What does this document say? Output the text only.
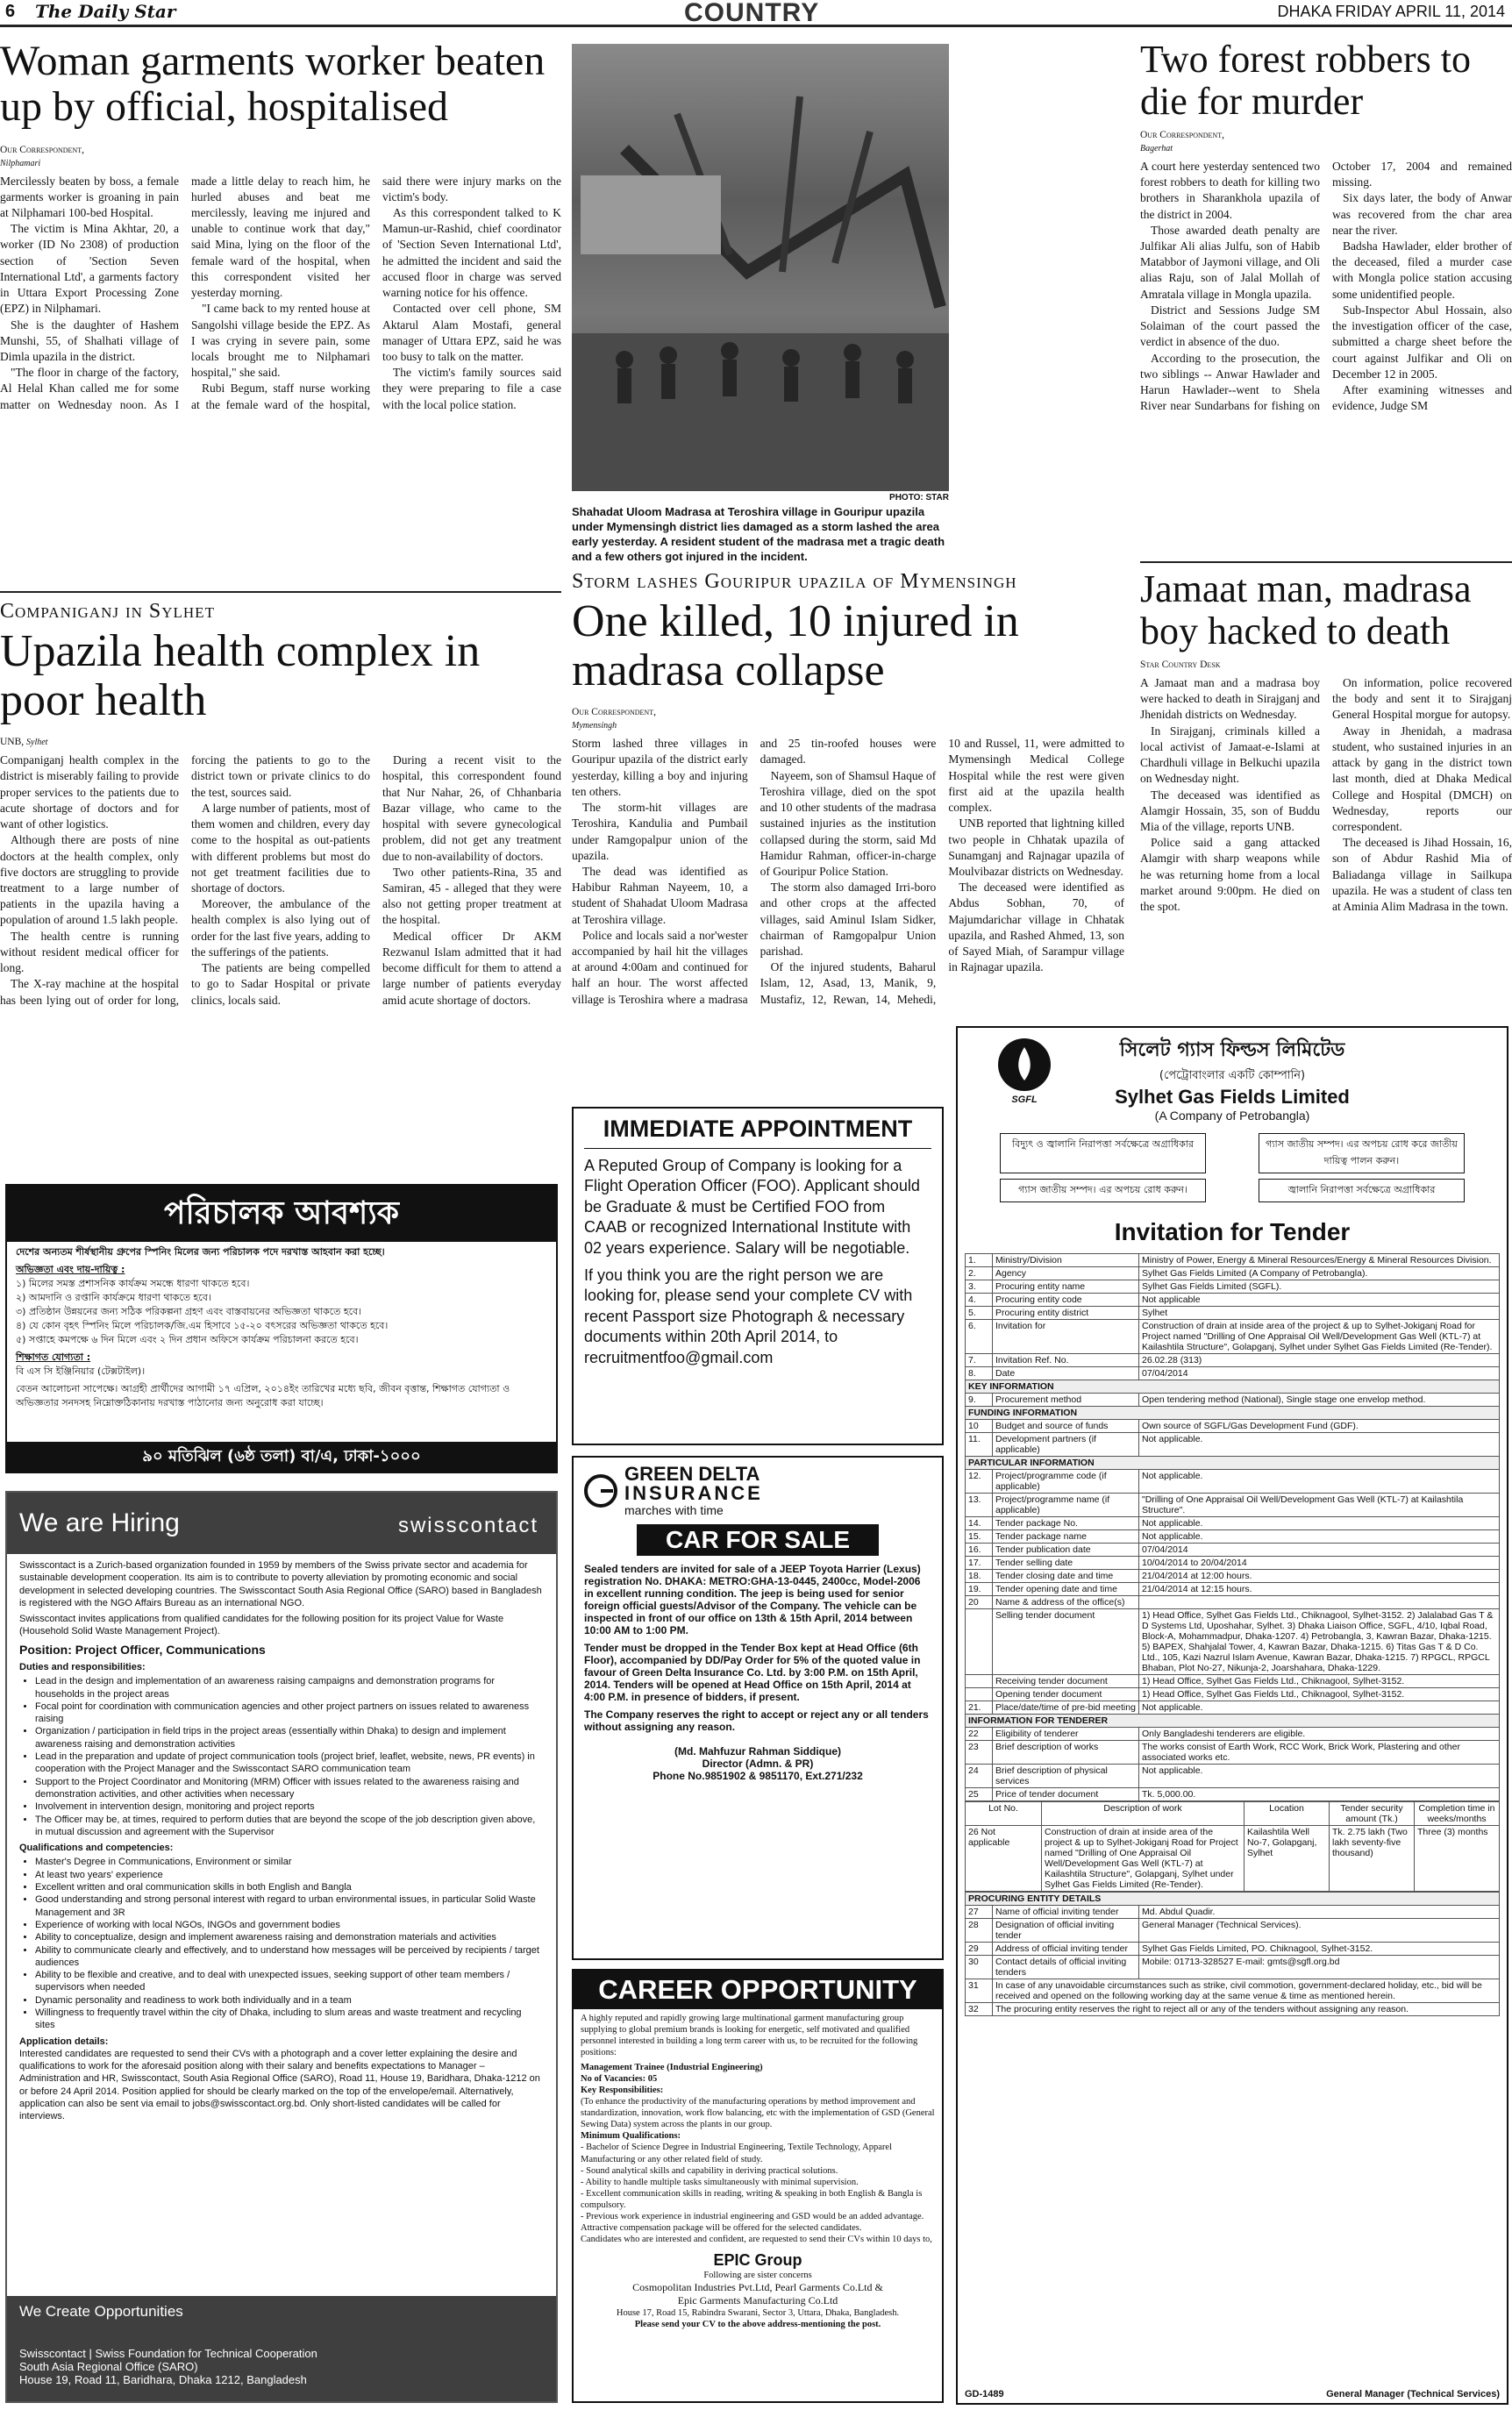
6 The Daily Star	COUNTRY	DHAKA FRIDAY APRIL 11, 2014
Woman garments worker beaten up by official, hospitalised
Our Correspondent,
Nilphamari

Mercilessly beaten by boss, a female garments worker is groaning in pain at Nilphamari 100-bed Hospital.

The victim is Mina Akhtar, 20, a worker (ID No 2308) of production section of 'Section Seven International Ltd', a garments factory in Uttara Export Processing Zone (EPZ) in Nilphamari.

She is the daughter of Hashem Munshi, 55, of Shalhati village of Dimla upazila in the district.

"The floor in charge of the factory, Al Helal Khan called me for some matter on Wednesday noon. As I made a little delay to reach him, he hurled abuses and beat me mercilessly, leaving me injured and unable to continue work that day," said Mina, lying on the floor of the female ward of the hospital, when this correspondent visited her yesterday morning.

"I came back to my rented house at Sangolshi village beside the EPZ. As I was crying in severe pain, some locals brought me to Nilphamari hospital," she said.

Rubi Begum, staff nurse working at the female ward of the hospital, said there were injury marks on the victim's body.

As this correspondent talked to K Mamun-ur-Rashid, chief coordinator of 'Section Seven International Ltd', he admitted the incident and said the accused floor in charge was served warning notice for his offence.

Contacted over cell phone, SM Aktarul Alam Mostafi, general manager of Uttara EPZ, said he was too busy to talk on the matter.

The victim's family sources said they were preparing to file a case with the local police station.

PHOTO: STAR
Shahadat Uloom Madrasa at Teroshira village in Gouripur upazila under Mymensingh district lies damaged as a storm lashed the area early yesterday. A resident student of the madrasa met a tragic death and a few others got injured in the incident.
Storm lashes Gouripur upazila of Mymensingh
One killed, 10 injured in madrasa collapse
Our Correspondent,
Mymensingh

Storm lashed three villages in Gouripur upazila of the district early yesterday, killing a boy and injuring ten others.

The storm-hit villages are Teroshira, Kandulia and Pumbail under Ramgopalpur union of the upazila.

The dead was identified as Habibur Rahman Nayeem, 10, a student of Shahadat Uloom Madrasa at Teroshira village.

Police and locals said a nor'wester accompanied by hail hit the villages at around 4:00am and continued for half an hour. The worst affected village is Teroshira where a madrasa and 25 tin-roofed houses were damaged.

Nayeem, son of Shamsul Haque of Teroshira village, died on the spot and 10 other students of the madrasa sustained injuries as the institution collapsed during the storm, said Md Hamidur Rahman, officer-in-charge of Gouripur Police Station.

The storm also damaged Irri-boro and other crops at the affected villages, said Aminul Islam Sidker, chairman of Ramgopalpur Union parishad.

Of the injured students, Baharul Islam, 12, Asad, 13, Manik, 9, Mustafiz, 12, Rewan, 14, Mehedi, 10 and Russel, 11, were admitted to Mymensingh Medical College Hospital while the rest were given first aid at the upazila health complex.

UNB reported that lightning killed two people in Chhatak upazila of Sunamganj and Rajnagar upazila of Moulvibazar districts on Wednesday.

The deceased were identified as Abdus Sobhan, 70, of Majumdarichar village in Chhatak upazila, and Rashed Ahmed, 13, son of Sayed Miah, of Sarampur village in Rajnagar upazila.

Two forest robbers to die for murder
Our Correspondent,
Bagerhat

A court here yesterday sentenced two forest robbers to death for killing two brothers in Sharankhola upazila of the district in 2004.

Those awarded death penalty are Julfikar Ali alias Julfu, son of Habib Matabbor of Jaymoni village, and Oli alias Raju, son of Jalal Mollah of Amratala village in Mongla upazila.

District and Sessions Judge SM Solaiman of the court passed the verdict in absence of the duo.

According to the prosecution, the two siblings -- Anwar Hawlader and Harun Hawlader--went to Shela River near Sundarbans for fishing on October 17, 2004 and remained missing.

Six days later, the body of Anwar was recovered from the char area near the river.

Badsha Hawlader, elder brother of the deceased, filed a murder case with Mongla police station accusing some unidentified people.

Sub-Inspector Abul Hossain, also the investigation officer of the case, submitted a charge sheet before the court against Julfikar and Oli on December 12 in 2005.

After examining witnesses and evidence, Judge SM

Jamaat man, madrasa boy hacked to death
Star Country Desk

A Jamaat man and a madrasa boy were hacked to death in Sirajganj and Jhenidah districts on Wednesday.

In Sirajganj, criminals killed a local activist of Jamaat-e-Islami at Chardhuli village in Belkuchi upazila on Wednesday night.

The deceased was identified as Alamgir Hossain, 35, son of Buddu Mia of the village, reports UNB.

Police said a gang attacked Alamgir with sharp weapons while he was returning home from a local market around 9:00pm. He died on the spot.

On information, police recovered the body and sent it to Sirajganj General Hospital morgue for autopsy.

Away in Jhenidah, a madrasa student, who sustained injuries in an attack by gang in the district town last month, died at Dhaka Medical College and Hospital (DMCH) on Wednesday, reports our correspondent.

The deceased is Jihad Hossain, 16, son of Abdur Rashid Mia of Baliadanga village in Sailkupa upazila. He was a student of class ten at Aminia Alim Madrasa in the town.

Companiganj in Sylhet
Upazila health complex in poor health
UNB, Sylhet

Companiganj health complex in the district is miserably failing to provide proper services to the patients due to acute shortage of doctors and for want of other logistics.

Although there are posts of nine doctors at the health complex, only five doctors are struggling to provide treatment to a large number of patients in the upazila having a population of around 1.5 lakh people.

The health centre is running without resident medical officer for long.

The X-ray machine at the hospital has been lying out of order for long, forcing the patients to go to the district town or private clinics to do the test, sources said.

A large number of patients, most of them women and children, every day come to the hospital as out-patients with different problems but most do not get treatment facilities due to shortage of doctors.

Moreover, the ambulance of the health complex is also lying out of order for the last five years, adding to the sufferings of the patients.

The patients are being compelled to go to Sadar Hospital or private clinics, locals said.

During a recent visit to the hospital, this correspondent found that Nur Nahar, 26, of Chhanbaria Bazar village, who came to the hospital with severe gynecological problem, did not get any treatment due to non-availability of doctors.

Two other patients-Rina, 35 and Samiran, 45 - alleged that they were also not getting proper treatment at the hospital.

Medical officer Dr AKM Rezwanul Islam admitted that it had become difficult for them to attend a large number of patients everyday amid acute shortage of doctors.

পরিচালক আবশ্যক
দেশের অন্যতম শীর্ষস্থানীয় গ্রুপের স্পিনিং মিলের জন্য পরিচালক পদে দরখাস্ত আহবান করা হচ্ছে।
অভিজ্ঞতা এবং দায়-দায়িত্ব :
১) মিলের সমস্ত প্রশাসনিক কার্যক্রম সমন্ধে ধারণা থাকতে হবে।
২) আমদানি ও রপ্তানি কার্যক্রমে ধারণা থাকতে হবে।
৩) প্রতিষ্ঠান উন্নয়নের জন্য সঠিক পরিকল্পনা গ্রহণ এবং বাস্তবায়নের অভিজ্ঞতা থাকতে হবে।
৪) যে কোন বৃহৎ স্পিনিং মিলে পরিচালক/জি.এম হিসাবে ১৫-২০ বৎসরের অভিজ্ঞতা থাকতে হবে।
৫) সপ্তাহে কমপক্ষে ৬ দিন মিলে এবং ২ দিন প্রধান অফিসে কার্যক্রম পরিচালনা করতে হবে।
শিক্ষাগত যোগ্যতা :
বি এস সি ইঞ্জিনিয়ার (টেক্সটাইল)।
বেতন আলোচনা সাপেক্ষে। আগ্রহী প্রার্থীদের আগামী ১৭ এপ্রিল, ২০১৪ইং তারিখের মধ্যে ছবি, জীবন বৃত্তান্ত, শিক্ষাগত যোগ্যতা ও অভিজ্ঞতার সনদসহ নিম্নোক্তঠিকানায় দরখাস্ত পাঠানোর জন্য অনুরোধ করা যাচ্ছে।
৯০ মতিঝিল (৬ষ্ঠ তলা) বা/এ, ঢাকা-১০০০
We are Hiring	swisscontact

Swisscontact is a Zurich-based organization founded in 1959 by members of the Swiss private sector and academia for sustainable development cooperation. Its aim is to contribute to poverty alleviation by promoting economic and social development in selected developing countries. The Swisscontact South Asia Regional Office (SARO) based in Bangladesh is registered with the NGO Affairs Bureau as an international NGO.

Swisscontact invites applications from qualified candidates for the following position for its project Value for Waste (Household Solid Waste Management Project).

Position: Project Officer, Communications
Duties and responsibilities:
• Lead in the design and implementation of an awareness raising campaigns and demonstration programs for households in the project areas
• Focal point for coordination with communication agencies and other project partners on issues related to awareness raising
• Organization / participation in field trips in the project areas (essentially within Dhaka) to design and implement awareness raising and demonstration activities
• Lead in the preparation and update of project communication tools (project brief, leaflet, website, news, PR events) in cooperation with the Project Manager and the Swisscontact SARO communication team
• Support to the Project Coordinator and Monitoring (MRM) Officer with issues related to the awareness raising and demonstration activities, and other activities when necessary
• Involvement in intervention design, monitoring and project reports
• The Officer may be, at times, required to perform duties that are beyond the scope of the job description given above, in mutual discussion and agreement with the Supervisor
Qualifications and competencies:
• Master's Degree in Communications, Environment or similar
• At least two years' experience
• Excellent written and oral communication skills in both English and Bangla
• Good understanding and strong personal interest with regard to urban environmental issues, in particular Solid Waste Management and 3R
• Experience of working with local NGOs, INGOs and government bodies
• Ability to conceptualize, design and implement awareness raising and demonstration materials and activities
• Ability to communicate clearly and effectively, and to understand how messages will be perceived by recipients / target audiences
• Ability to be flexible and creative, and to deal with unexpected issues, seeking support of other team members / supervisors when needed
• Dynamic personality and readiness to work both individually and in a team
• Willingness to frequently travel within the city of Dhaka, including to slum areas and waste treatment and recycling sites
Application details:

Interested candidates are requested to send their CVs with a photograph and a cover letter explaining the desire and qualifications to work for the aforesaid position along with their salary and benefits expectations to Manager – Administration and HR, Swisscontact, South Asia Regional Office (SARO), Road 11, House 19, Baridhara, Dhaka-1212 on or before 24 April 2014. Position applied for should be clearly marked on the top of the envelope/email. Alternatively, application can also be sent via email to jobs@swisscontact.org.bd. Only short-listed candidates will be called for interviews.

We Create Opportunities
Swisscontact | Swiss Foundation for Technical Cooperation
South Asia Regional Office (SARO)
House 19, Road 11, Baridhara, Dhaka 1212, Bangladesh
IMMEDIATE APPOINTMENT

A Reputed Group of Company is looking for a Flight Operation Officer (FOO). Applicant should be Graduate & must be Certified FOO from CAAB or recognized International Institute with 02 years experience. Salary will be negotiable.

If you think you are the right person we are looking for, please send your complete CV with recent Passport size Photograph & necessary documents within 20th April 2014, to recruitmentfoo@gmail.com

GREEN DELTA
INSURANCE
marches with time
CAR FOR SALE

Sealed tenders are invited for sale of a JEEP Toyota Harrier (Lexus) registration No. DHAKA: METRO:GHA-13-0445, 2400cc, Model-2006 in excellent running condition. The jeep is being used for senior foreign official guests/Advisor of the Company. The vehicle can be inspected in front of our office on 13th & 15th April, 2014 between 10:00 AM to 1:00 PM.

Tender must be dropped in the Tender Box kept at Head Office (6th Floor), accompanied by DD/Pay Order for 5% of the quoted value in favour of Green Delta Insurance Co. Ltd. by 3:00 P.M. on 15th April, 2014. Tenders will be opened at Head Office on 15th April, 2014 at 4:00 P.M. in presence of bidders, if present.

The Company reserves the right to accept or reject any or all tenders without assigning any reason.

(Md. Mahfuzur Rahman Siddique)
Director (Admn. & PR)
Phone No.9851902 & 9851170, Ext.271/232
CAREER OPPORTUNITY

A highly reputed and rapidly growing large multinational garment manufacturing group supplying to global premium brands is looking for energetic, self motivated and qualified personnel interested in building a long term career with us, to be recruited for the following positions:

Management Trainee (Industrial Engineering)
No of Vacancies: 05
Key Responsibilities:

(To enhance the productivity of the manufacturing operations by method improvement and standardization, innovation, work flow balancing, etc with the implementation of GSD (General Sewing Data) system across the plants in our group.

Minimum Qualifications:
- Bachelor of Science Degree in Industrial Engineering, Textile Technology, Apparel Manufacturing or any other related field of study.
- Sound analytical skills and capability in deriving practical solutions.
- Ability to handle multiple tasks simultaneously with minimal supervision.
- Excellent communication skills in reading, writing & speaking in both English & Bangla is compulsory.
- Previous work experience in industrial engineering and GSD would be an added advantage.
Attractive compensation package will be offered for the selected candidates.
Candidates who are interested and confident, are requested to send their CVs within 10 days to,
EPIC Group
Following are sister concerns
Cosmopolitan Industries Pvt.Ltd, Pearl Garments Co.Ltd &
Epic Garments Manufacturing Co.Ltd
House 17, Road 15, Rabindra Swarani, Sector 3, Uttara, Dhaka, Bangladesh.
Please send your CV to the above address-mentioning the post.
SGFL
সিলেট গ্যাস ফিল্ডস লিমিটেড
(পেট্রোবাংলার একটি কোম্পানি)
Sylhet Gas Fields Limited
(A Company of Petrobangla)
বিদ্যুৎ ও জ্বালানি নিরাপত্তা সর্বক্ষেত্রে অগ্রাধিকার	গ্যাস জাতীয় সম্পদ। এর অপচয় রোধ করে জাতীয় দায়িত্ব পালন করুন।
গ্যাস জাতীয় সম্পদ। এর অপচয় রোধ করুন।	জ্বালানি নিরাপত্তা সর্বক্ষেত্রে অগ্রাধিকার
Invitation for Tender
1.	Ministry/Division	Ministry of Power, Energy & Mineral Resources/Energy & Mineral Resources Division.
2.	Agency	Sylhet Gas Fields Limited (A Company of Petrobangla).
3.	Procuring entity name	Sylhet Gas Fields Limited (SGFL).
4.	Procuring entity code	Not applicable
5.	Procuring entity district	Sylhet
6.	Invitation for	Construction of drain at inside area of the project & up to Sylhet-Jokiganj Road for Project named "Drilling of One Appraisal Oil Well/Development Gas Well (KTL-7) at Kailashtila Structure", Golapganj, Sylhet under Sylhet Gas Fields Limited (Re-Tender).
7.	Invitation Ref. No.	26.02.28 (313)
8.	Date	07/04/2014
KEY INFORMATION		
9.	Procurement method	Open tendering method (National), Single stage one envelop method.
FUNDING INFORMATION		
10	Budget and source of funds	Own source of SGFL/Gas Development Fund (GDF).
11.	Development partners (if applicable)	Not applicable.
PARTICULAR INFORMATION		
12.	Project/programme code (if applicable)	Not applicable.
13.	Project/programme name (if applicable)	"Drilling of One Appraisal Oil Well/Development Gas Well (KTL-7) at Kailashtila Structure".
14.	Tender package No.	Not applicable.
15.	Tender package name	Not applicable.
16.	Tender publication date	07/04/2014
17.	Tender selling date	10/04/2014 to 20/04/2014
18.	Tender closing date and time	21/04/2014 at 12:00 hours.
19.	Tender opening date and time	21/04/2014 at 12:15 hours.
20	Name & address of the office(s)	
	Selling tender document	1) Head Office, Sylhet Gas Fields Ltd., Chiknagool, Sylhet-3152. 2) Jalalabad Gas T & D Systems Ltd, Uposhahar, Sylhet. 3) Dhaka Liaison Office, SGFL, 4/10, Iqbal Road, Block-A, Mohammadpur, Dhaka-1207. 4) Petrobangla, 3, Kawran Bazar, Dhaka-1215. 5) BAPEX, Shahjalal Tower, 4, Kawran Bazar, Dhaka-1215. 6) Titas Gas T & D Co. Ltd., 105, Kazi Nazrul Islam Avenue, Kawran Bazar, Dhaka-1215. 7) RPGCL, RPGCL Bhaban, Plot No-27, Nikunja-2, Joarshahara, Dhaka-1229.
	Receiving tender document	1) Head Office, Sylhet Gas Fields Ltd., Chiknagool, Sylhet-3152.
	Opening tender document	1) Head Office, Sylhet Gas Fields Ltd., Chiknagool, Sylhet-3152.
21.	Place/date/time of pre-bid meeting	Not applicable.
INFORMATION FOR TENDERER		
22	Eligibility of tenderer	Only Bangladeshi tenderers are eligible.
23	Brief description of works	The works consist of Earth Work, RCC Work, Brick Work, Plastering and other associated works etc.
24	Brief description of physical services	Not applicable.
25	Price of tender document	Tk. 5,000.00.
Lot No.	Description of work	Location	Tender security amount (Tk.)	Completion time in weeks/months
26 Not applicable	Construction of drain at inside area of the project & up to Sylhet-Jokiganj Road for Project named "Drilling of One Appraisal Oil Well/Development Gas Well (KTL-7) at Kailashtila Structure", Golapganj, Sylhet under Sylhet Gas Fields Limited (Re-Tender).	Kailashtila Well No-7, Golapganj, Sylhet	Tk. 2.75 lakh (Two lakh seventy-five thousand)	Three (3) months
PROCURING ENTITY DETAILS		
27	Name of official inviting tender	Md. Abdul Quadir.
28	Designation of official inviting tender	General Manager (Technical Services).
29	Address of official inviting tender	Sylhet Gas Fields Limited, PO. Chiknagool, Sylhet-3152.
30	Contact details of official inviting tenders	Mobile: 01713-328527 E-mail: gmts@sgfl.org.bd
31	In case of any unavoidable circumstances such as strike, civil commotion, government-declared holiday, etc., bid will be received and opened on the following working day at the same venue & time as mentioned herein.	
32	The procuring entity reserves the right to reject all or any of the tenders without assigning any reason.	
GD-1489	General Manager (Technical Services)
